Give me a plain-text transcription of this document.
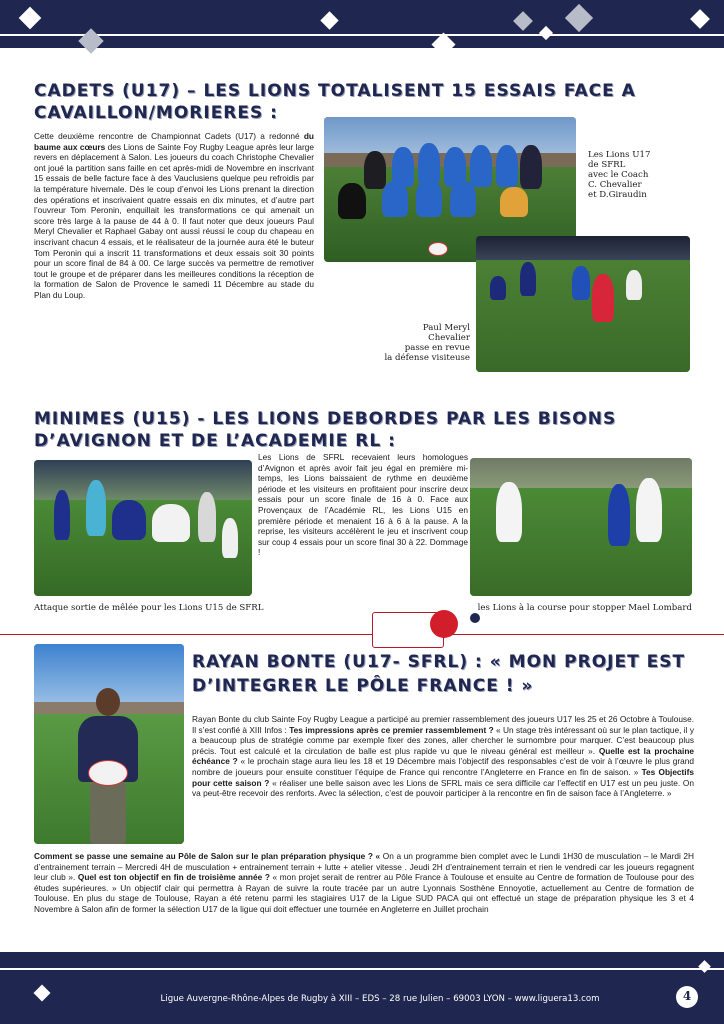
CADETS (U17) – LES LIONS TOTALISENT 15 ESSAIS FACE A
CAVAILLON/MORIERES :
Cette deuxième rencontre de Championnat Cadets (U17) a redonné du baume aux cœurs des Lions de Sainte Foy Rugby League après leur large revers en déplacement à Salon. Les joueurs du coach Christophe Chevalier ont joué la partition sans faille en cet après-midi de Novembre en inscrivant 15 essais de belle facture face à des Vauclusiens quelque peu refroidis par la température hivernale. Dès le coup d’envoi les Lions prenant la direction des opérations et inscrivaient quatre essais en dix minutes, et d’autre part l’ouvreur Tom Peronin, enquillait les transformations ce qui amenait un score très large à la pause de 44 à 0. Il faut noter que deux joueurs Paul Meryl Chevalier et Raphael Gabay ont aussi réussi le coup du chapeau en inscrivant chacun 4 essais, et le réalisateur de la journée aura été le buteur Tom Peronin qui a inscrit 11 transformations et deux essais soit 30 points pour un score final de 84 à 00. Ce large succès va permettre de remotiver tout le groupe et de préparer dans les meilleures conditions la réception de la formation de Salon de Provence le samedi 11 Décembre au stade du Plan du Loup.
Les Lions U17
de SFRL
avec le Coach
C. Chevalier
et D.Giraudin
Paul Meryl
Chevalier
passe en revue
la défense visiteuse
MINIMES (U15) - LES LIONS DEBORDES PAR LES BISONS
D’AVIGNON ET DE L’ACADEMIE RL :
Les Lions de SFRL recevaient leurs homologues d’Avignon et après avoir fait jeu égal en première mi-temps, les Lions baissaient de rythme en deuxième période et les visiteurs en profitaient pour inscrire deux essais pour un score finale de 16 à 0. Face aux Provençaux de l’Académie RL, les Lions U15 en première période et menaient 16 à 6 à la pause. A la reprise, les visiteurs accélèrent le jeu et inscrivent coup sur coup 4 essais pour un score final 30 à 22. Dommage !
Attaque sortie de mêlée pour les Lions U15 de SFRL	les Lions à la course pour stopper Mael Lombard
RAYAN BONTE (U17- SFRL) : « MON PROJET EST
D’INTEGRER LE PÔLE FRANCE ! »
Rayan Bonte du club Sainte Foy Rugby League a participé au premier rassemblement des joueurs U17 les 25 et 26 Octobre à Toulouse. Il s’est confié à XIII Infos : Tes impressions après ce premier rassemblement ? « Un stage très intéressant où sur le plan tactique, il y a beaucoup plus de stratégie comme par exemple fixer des zones, aller chercher le surnombre pour marquer. C’est beaucoup plus précis. Tout est calculé et la circulation de balle est plus rapide vu que le niveau général est meilleur ». Quelle est la prochaine échéance ? « le prochain stage aura lieu les 18 et 19 Décembre mais l’objectif des responsables c’est de voir à l’œuvre le plus grand nombre de joueurs pour ensuite constituer l’équipe de France qui rencontre l’Angleterre en France en fin de saison. » Tes Objectifs pour cette saison ? « réaliser une belle saison avec les Lions de SFRL mais ce sera difficile car l’effectif en U17 est un peu juste. On va peut-être recevoir des renforts. Avec la sélection, c’est de pouvoir participer à la rencontre en fin de saison face à l’Angleterre. »
Comment se passe une semaine au Pôle de Salon sur le plan préparation physique ? « On a un programme bien complet avec le Lundi 1H30 de musculation – le Mardi 2H d’entrainement terrain – Mercredi 4H de musculation + entrainement terrain + lutte + atelier vitesse . Jeudi 2H d’entrainement terrain et rien le vendredi car les joueurs regagnent leur club ». Quel est ton objectif en fin de troisième année ? « mon projet serait de rentrer au Pôle France à Toulouse et ensuite au Centre de formation de Toulouse pour des études supérieures. » Un objectif clair qui permettra à Rayan de suivre la route tracée par un autre Lyonnais Sosthène Ennoyotie, actuellement au Centre de formation de Toulouse. En plus du stage de Toulouse, Rayan a été retenu parmi les stagiaires U17 de la Ligue SUD PACA qui ont effectué un stage de préparation physique les 3 et 4 Novembre à Salon afin de former la sélection U17 de la ligue qui doit effectuer une tournée en Angleterre en Juillet prochain
Ligue Auvergne-Rhône-Alpes de Rugby à XIII – EDS – 28 rue Julien – 69003 LYON – www.liguera13.com	4
